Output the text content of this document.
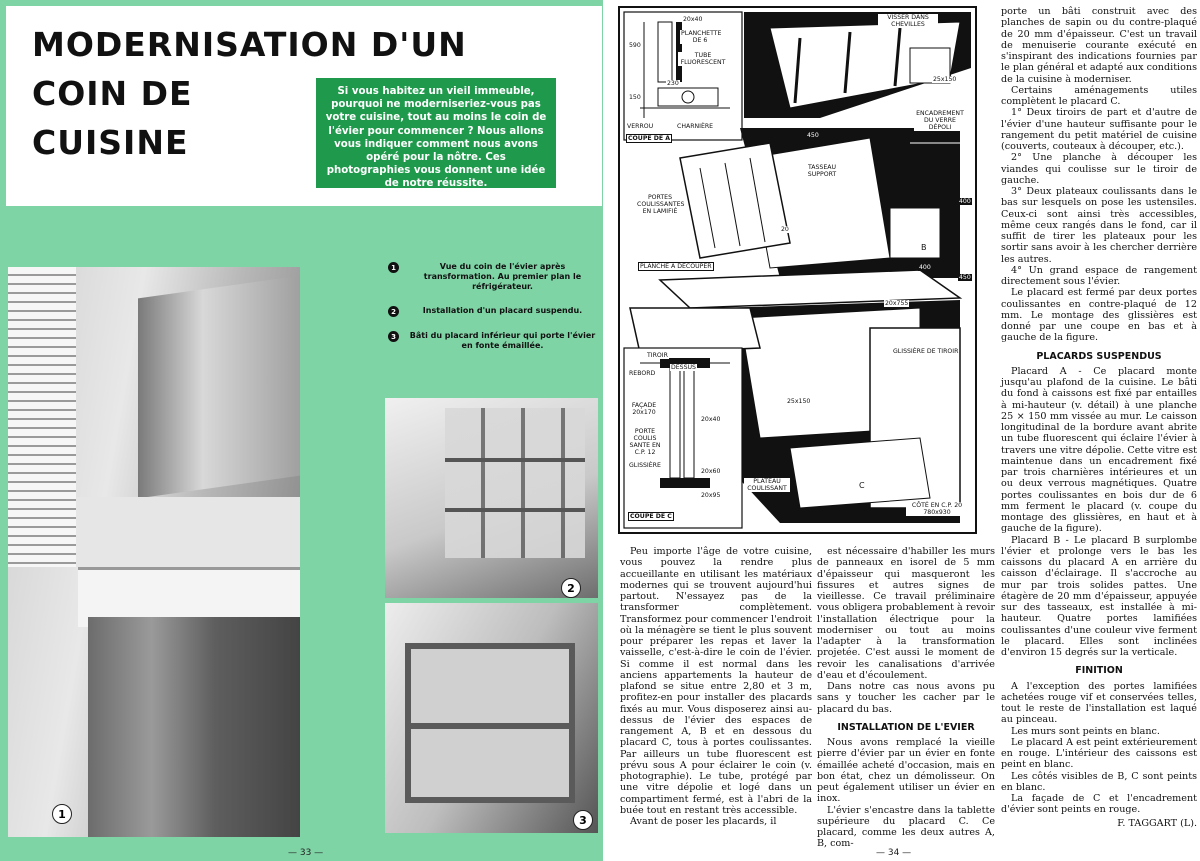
MODERNISATION D'UN
COIN DE
CUISINE
Si vous habitez un vieil immeuble, pourquoi ne moderniseriez-vous pas votre cuisine, tout au moins le coin de l'évier pour commencer ? Nous allons vous indiquer comment nous avons opéré pour la nôtre. Ces photographies vous donnent une idée de notre réussite.
1
2
3
1	Vue du coin de l'évier après transformation. Au premier plan le réfrigérateur.
2	Installation d'un placard suspendu.
3	Bâti du placard inférieur qui porte l'évier en fonte émaillée.
— 33 —
20x40
590
PLANCHETTE DE 6
TUBE FLUORESCENT
230
150
VERROU	CHARNIÈRE
COUPE DE A
VISSER DANS CHEVILLES
25x150
ENCADREMENT DU VERRE DÉPOLI
450
TASSEAU SUPPORT
PORTES COULISSANTES EN LAMIFIÉ
400
20
B
400
450
PLANCHE À DÉCOUPER
20x755
TIROIR
GLISSIÈRE DE TIROIR
REBORD
DESSUS
FAÇADE 20x170
20x40
PORTE COULIS SANTE EN C.P. 12
GLISSIÈRE
20x60
20x95
COUPE DE C
25x150
PLATEAU COULISSANT	C
CÔTÉ EN C.P. 20 780x930

Peu importe l'âge de votre cuisine, vous pouvez la rendre plus accueillante en utilisant les matériaux modernes qui se trouvent aujourd'hui partout. N'essayez pas de la transformer complètement. Transformez pour commencer l'endroit où la ménagère se tient le plus souvent pour préparer les repas et laver la vaisselle, c'est-à-dire le coin de l'évier. Si comme il est normal dans les anciens appartements la hauteur de plafond se situe entre 2,80 et 3 m, profitez-en pour installer des placards fixés au mur. Vous disposerez ainsi au-dessus de l'évier des espaces de rangement A, B et en dessous du placard C, tous à portes coulissantes. Par ailleurs un tube fluorescent est prévu sous A pour éclairer le coin (v. photographie). Le tube, protégé par une vitre dépolie et logé dans un compartiment fermé, est à l'abri de la buée tout en restant très accessible.

Avant de poser les placards, il

est nécessaire d'habiller les murs de panneaux en isorel de 5 mm d'épaisseur qui masqueront les fissures et autres signes de vieillesse. Ce travail préliminaire vous obligera probablement à revoir l'installation électrique pour la moderniser ou tout au moins l'adapter à la transformation projetée. C'est aussi le moment de revoir les canalisations d'arrivée d'eau et d'écoulement.

Dans notre cas nous avons pu sans y toucher les cacher par le placard du bas.

INSTALLATION DE L'EVIER

Nous avons remplacé la vieille pierre d'évier par un évier en fonte émaillée acheté d'occasion, mais en bon état, chez un démolisseur. On peut également utiliser un évier en inox.

L'évier s'encastre dans la tablette supérieure du placard C. Ce placard, comme les deux autres A, B, com-

porte un bâti construit avec des planches de sapin ou du contre-plaqué de 20 mm d'épaisseur. C'est un travail de menuiserie courante exécuté en s'inspirant des indications fournies par le plan général et adapté aux conditions de la cuisine à moderniser.

Certains aménagements utiles complètent le placard C.

1° Deux tiroirs de part et d'autre de l'évier d'une hauteur suffisante pour le rangement du petit matériel de cuisine (couverts, couteaux à découper, etc.).

2° Une planche à découper les viandes qui coulisse sur le tiroir de gauche.

3° Deux plateaux coulissants dans le bas sur lesquels on pose les ustensiles. Ceux-ci sont ainsi très accessibles, même ceux rangés dans le fond, car il suffit de tirer les plateaux pour les sortir sans avoir à les chercher derrière les autres.

4° Un grand espace de rangement directement sous l'évier.

Le placard est fermé par deux portes coulissantes en contre-plaqué de 12 mm. Le montage des glissières est donné par une coupe en bas et à gauche de la figure.

PLACARDS SUSPENDUS

Placard A - Ce placard monte jusqu'au plafond de la cuisine. Le bâti du fond à caissons est fixé par entailles à mi-hauteur (v. détail) à une planche 25 × 150 mm vissée au mur. Le caisson longitudinal de la bordure avant abrite un tube fluorescent qui éclaire l'évier à travers une vitre dépolie. Cette vitre est maintenue dans un encadrement fixé par trois charnières intérieures et un ou deux verrous magnétiques. Quatre portes coulissantes en bois dur de 6 mm ferment le placard (v. coupe du montage des glissières, en haut et à gauche de la figure).

Placard B - Le placard B surplombe l'évier et prolonge vers le bas les caissons du placard A en arrière du caisson d'éclairage. Il s'accroche au mur par trois solides pattes. Une étagère de 20 mm d'épaisseur, appuyée sur des tasseaux, est installée à mi-hauteur. Quatre portes lamifiées coulissantes d'une couleur vive ferment le placard. Elles sont inclinées d'environ 15 degrés sur la verticale.

FINITION

A l'exception des portes lamifiées achetées rouge vif et conservées telles, tout le reste de l'installation est laqué au pinceau.

Les murs sont peints en blanc.

Le placard A est peint extérieurement en rouge. L'intérieur des caissons est peint en blanc.

Les côtés visibles de B, C sont peints en blanc.

La façade de C et l'encadrement d'évier sont peints en rouge.

F. TAGGART (L).
— 34 —
